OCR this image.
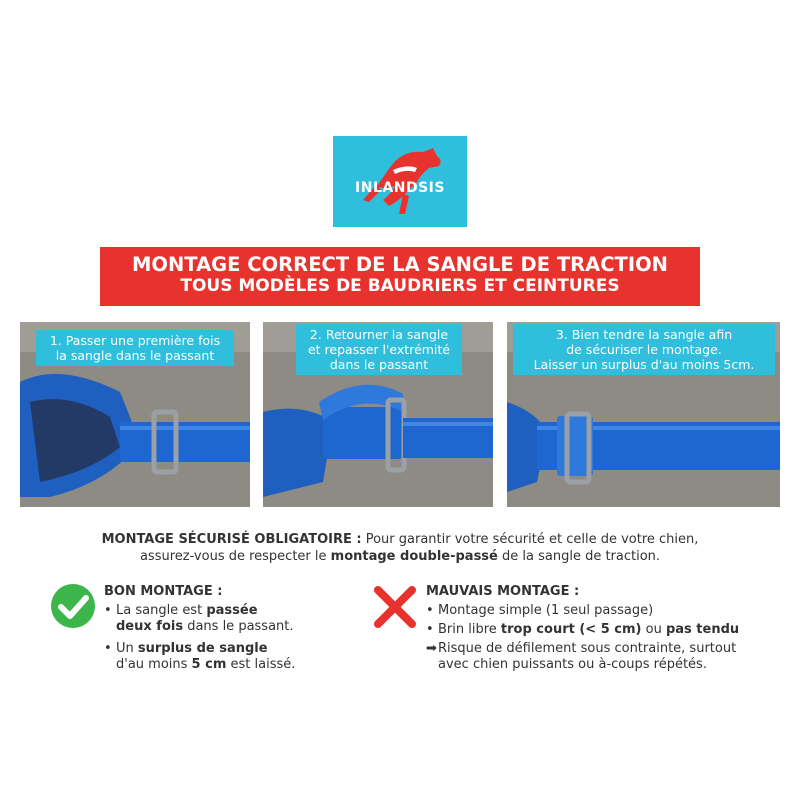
INLANDSIS
MONTAGE CORRECT DE LA SANGLE DE TRACTION
TOUS MODÈLES DE BAUDRIERS ET CEINTURES
1. Passer une première fois
la sangle dans le passant
2. Retourner la sangle
et repasser l'extrémité
dans le passant
3. Bien tendre la sangle afin
de sécuriser le montage.
Laisser un surplus d'au moins 5cm.
MONTAGE SÉCURISÉ OBLIGATOIRE : Pour garantir votre sécurité et celle de votre chien,
assurez-vous de respecter le montage double-passé de la sangle de traction.
BON MONTAGE :
• La sangle est passée
deux fois dans le passant.
• Un surplus de sangle
d'au moins 5 cm est laissé.
MAUVAIS MONTAGE :
• Montage simple (1 seul passage)
• Brin libre trop court (< 5 cm) ou pas tendu
➡ Risque de défilement sous contrainte, surtout
avec chien puissants ou à-coups répétés.
